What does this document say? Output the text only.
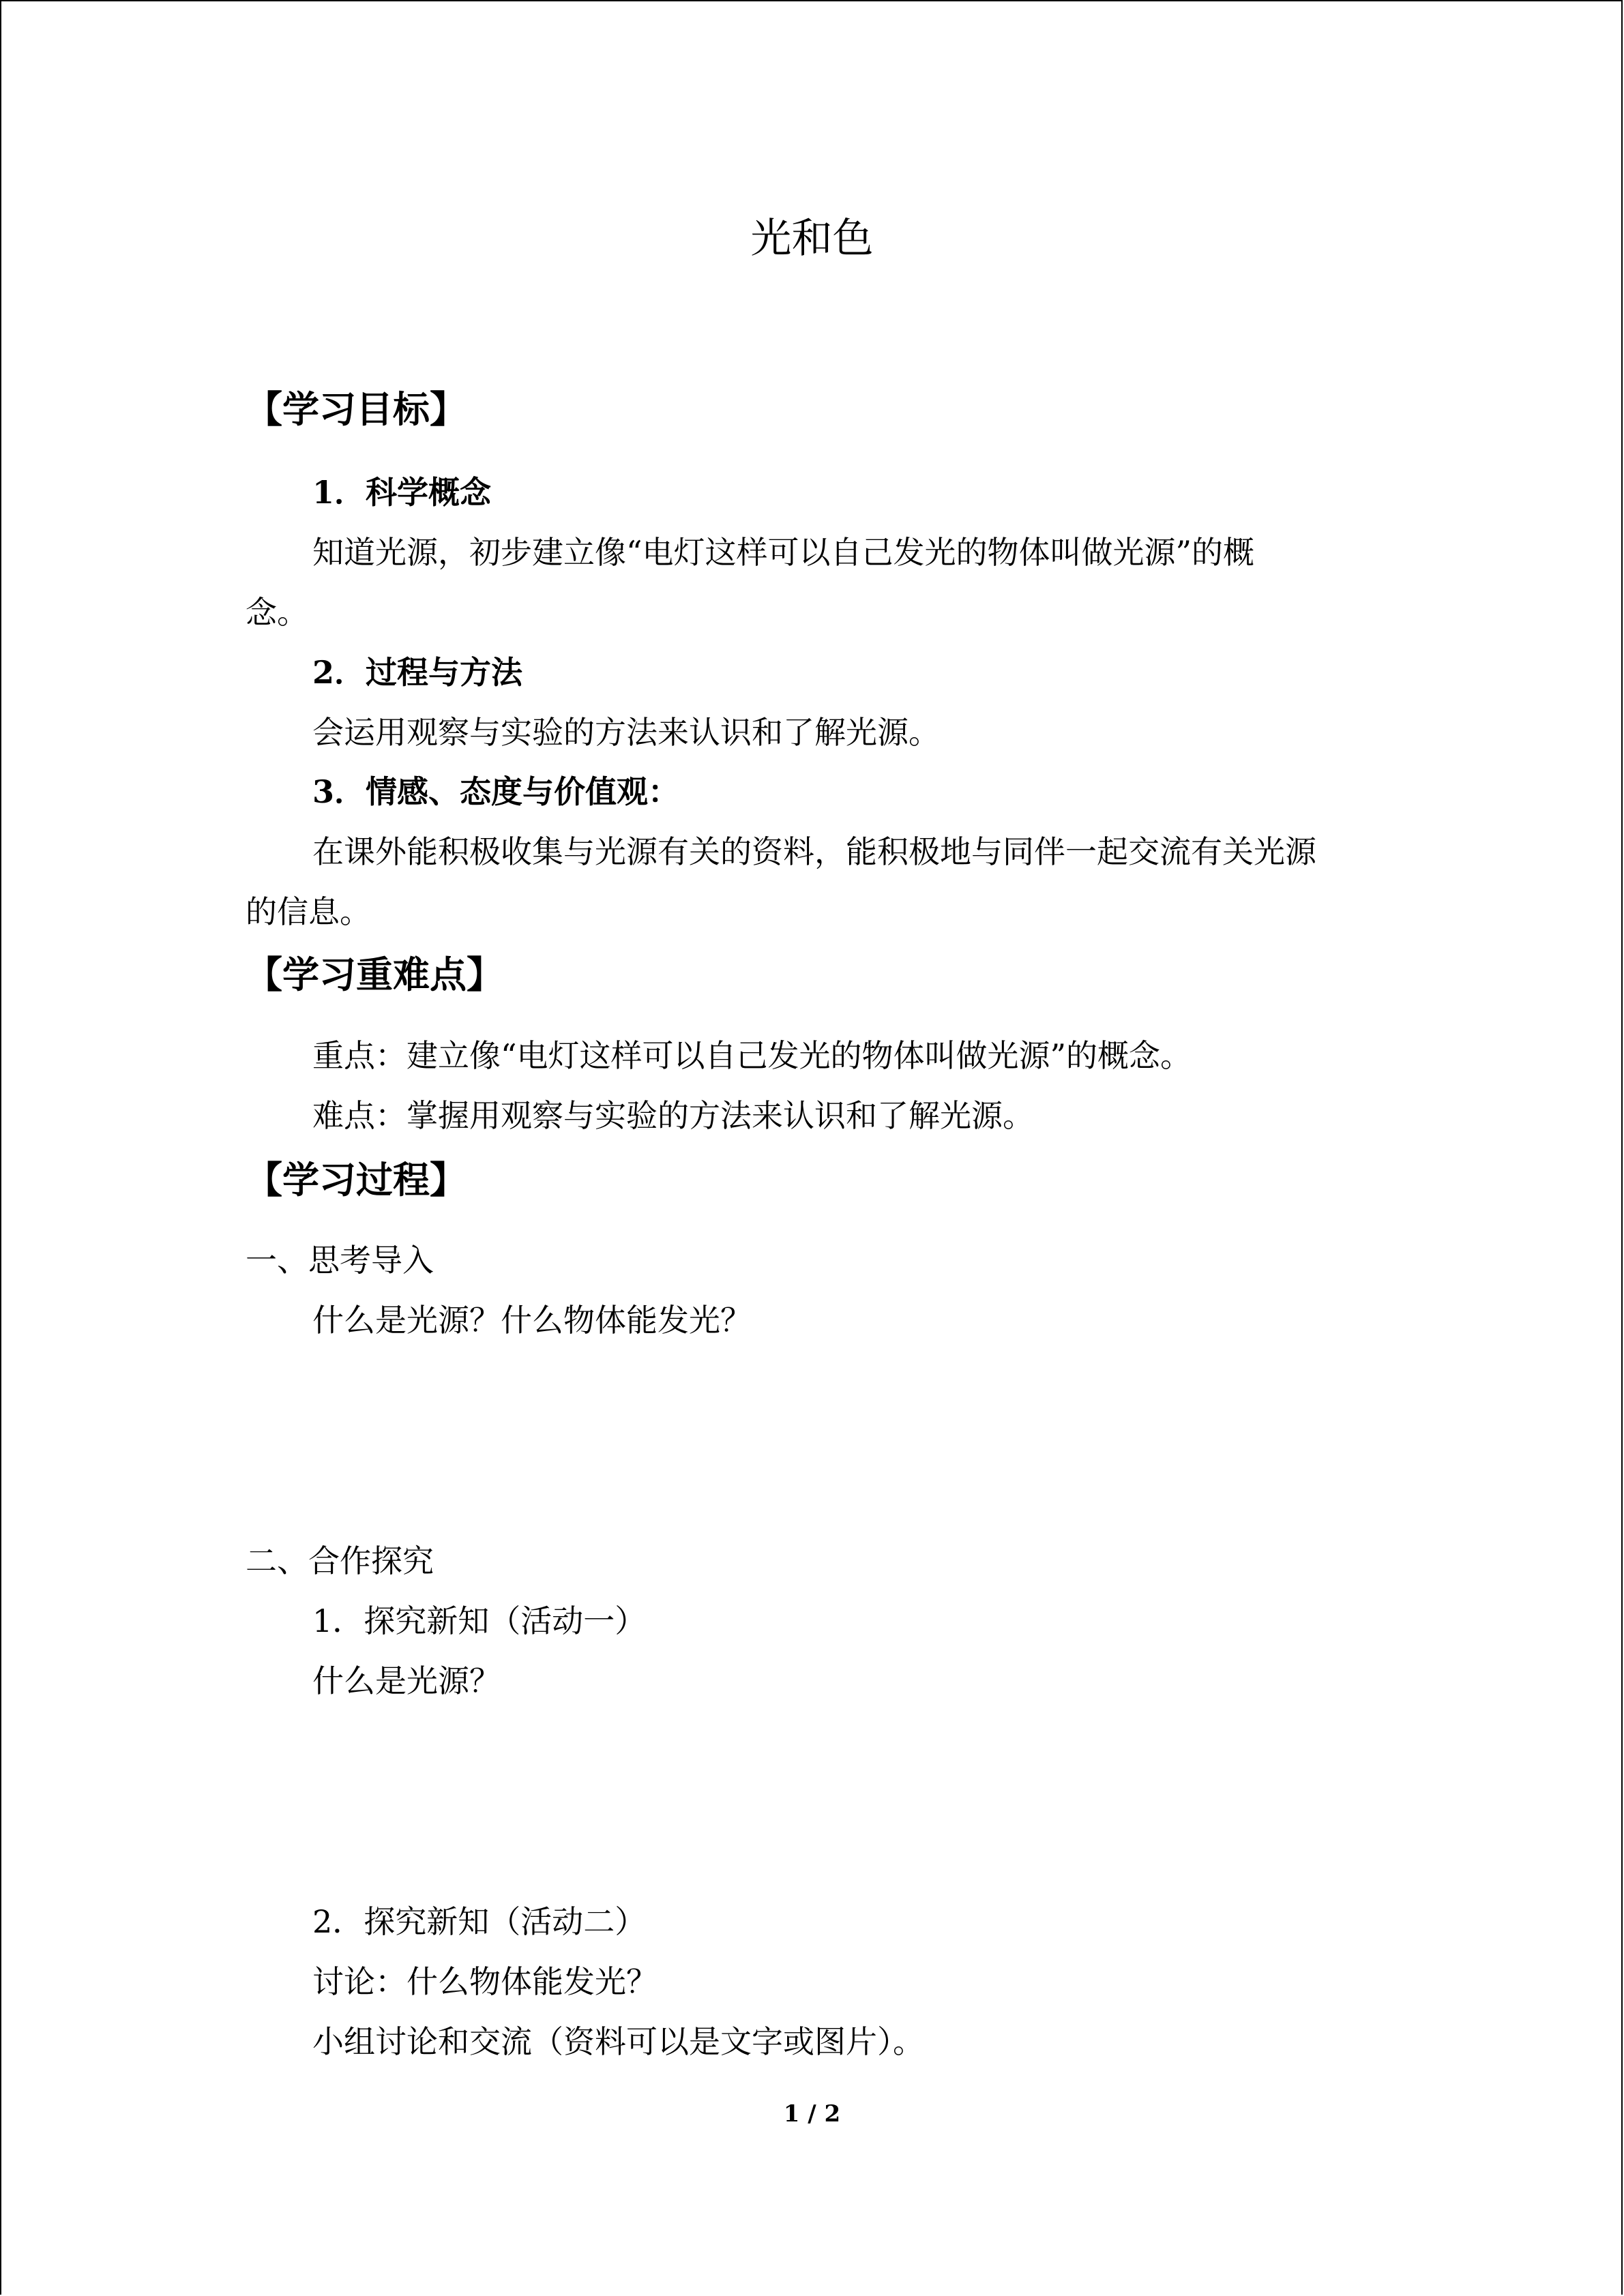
光和色
【学习目标】
1．科学概念
知道光源，初步建立像“电灯这样可以自己发光的物体叫做光源”的概
念。
2．过程与方法
会运用观察与实验的方法来认识和了解光源。
3．情感、态度与价值观：
在课外能积极收集与光源有关的资料，能积极地与同伴一起交流有关光源
的信息。
【学习重难点】
重点：建立像“电灯这样可以自己发光的物体叫做光源”的概念。
难点：掌握用观察与实验的方法来认识和了解光源。
【学习过程】
一、思考导入
什么是光源？什么物体能发光？
二、合作探究
1．探究新知（活动一）
什么是光源？
2．探究新知（活动二）
讨论：什么物体能发光？
小组讨论和交流（资料可以是文字或图片）。
1 / 2
